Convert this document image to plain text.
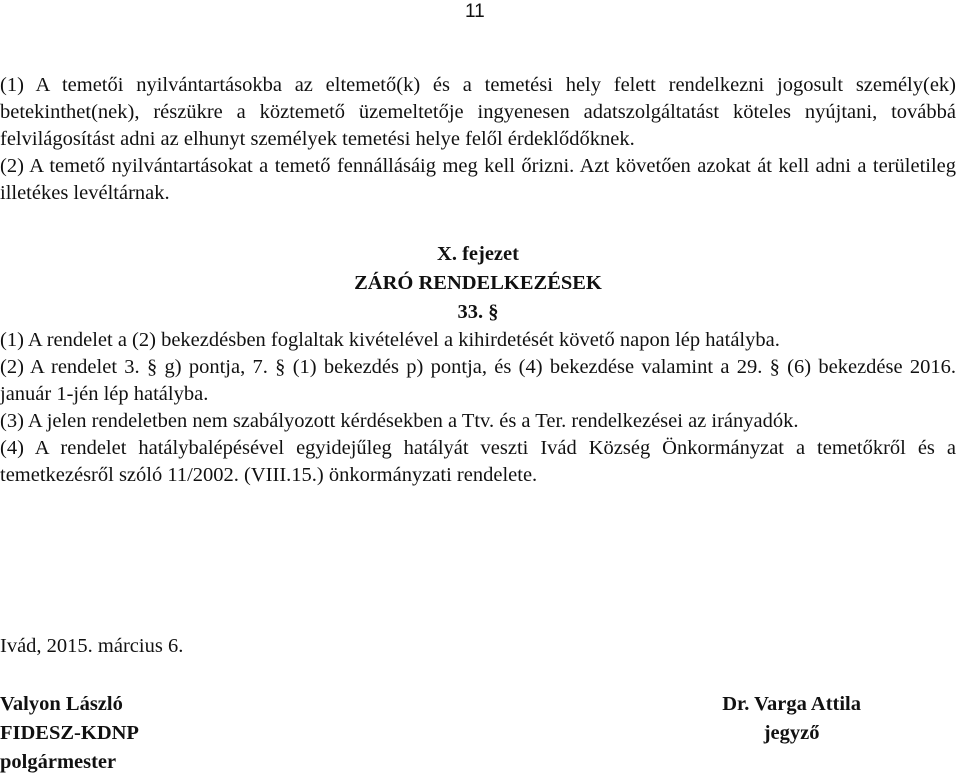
11

(1) A temetői nyilvántartásokba az eltemető(k) és a temetési hely felett rendelkezni jogosult személy(ek) betekinthet(nek), részükre a köztemető üzemeltetője ingyenesen adatszolgáltatást köteles nyújtani, továbbá felvilágosítást adni az elhunyt személyek temetési helye felől érdeklődőknek.

(2) A temető nyilvántartásokat a temető fennállásáig meg kell őrizni. Azt követően azokat át kell adni a területileg illetékes levéltárnak.

X. fejezet
ZÁRÓ RENDELKEZÉSEK
33. §

(1) A rendelet a (2) bekezdésben foglaltak kivételével a kihirdetését követő napon lép hatályba.

(2) A rendelet 3. § g) pontja, 7. § (1) bekezdés p) pontja, és (4) bekezdése valamint a 29. § (6) bekezdése 2016. január 1-jén lép hatályba.

(3) A jelen rendeletben nem szabályozott kérdésekben a Ttv. és a Ter. rendelkezései az irányadók.

(4) A rendelet hatálybalépésével egyidejűleg hatályát veszti Ivád Község Önkormányzat a temetőkről és a temetkezésről szóló 11/2002. (VIII.15.) önkormányzati rendelete.

Ivád, 2015. március 6.
Valyon László
FIDESZ-KDNP
polgármester
Dr. Varga Attila
jegyző
